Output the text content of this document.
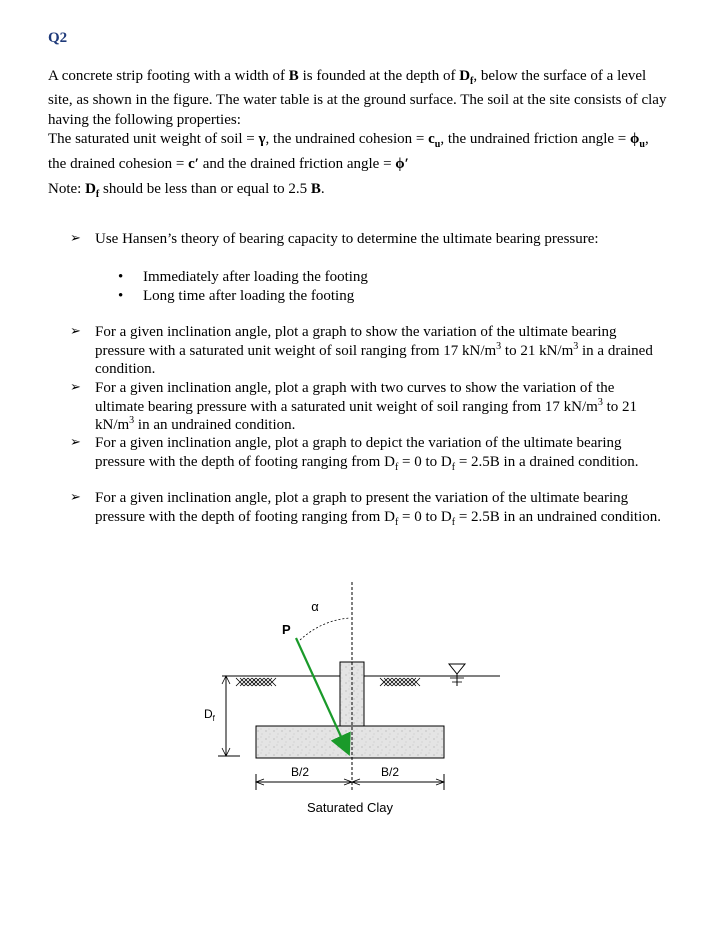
Q2
A concrete strip footing with a width of B is founded at the depth of $D_f$, below the surface of a level site, as shown in the figure. The water table is at the ground surface. The soil at the site consists of clay having the following properties:
The saturated unit weight of soil = γ, the undrained cohesion = $c_u$, the undrained friction angle = $\phi_u$, the drained cohesion = c′ and the drained friction angle = ϕ′
Note: $D_f$ should be less than or equal to 2.5 B.
➢ Use Hansen’s theory of bearing capacity to determine the ultimate bearing pressure:
• Immediately after loading the footing
• Long time after loading the footing
➢ For a given inclination angle, plot a graph to show the variation of the ultimate bearing pressure with a saturated unit weight of soil ranging from 17 $kN/m^3$ to 21 $kN/m^3$ in a drained condition.
➢ For a given inclination angle, plot a graph with two curves to show the variation of the ultimate bearing pressure with a saturated unit weight of soil ranging from 17 $kN/m^3$ to 21 $kN/m^3$ in an undrained condition.
➢ For a given inclination angle, plot a graph to depict the variation of the ultimate bearing pressure with the depth of footing ranging from $D_f = 0$ to $D_f = 2.5B$ in a drained condition.
➢ For a given inclination angle, plot a graph to present the variation of the ultimate bearing pressure with the depth of footing ranging from $D_f = 0$ to $D_f = 2.5B$ in an undrained condition.
α
P
$D_f$
B/2	B/2
Saturated Clay
